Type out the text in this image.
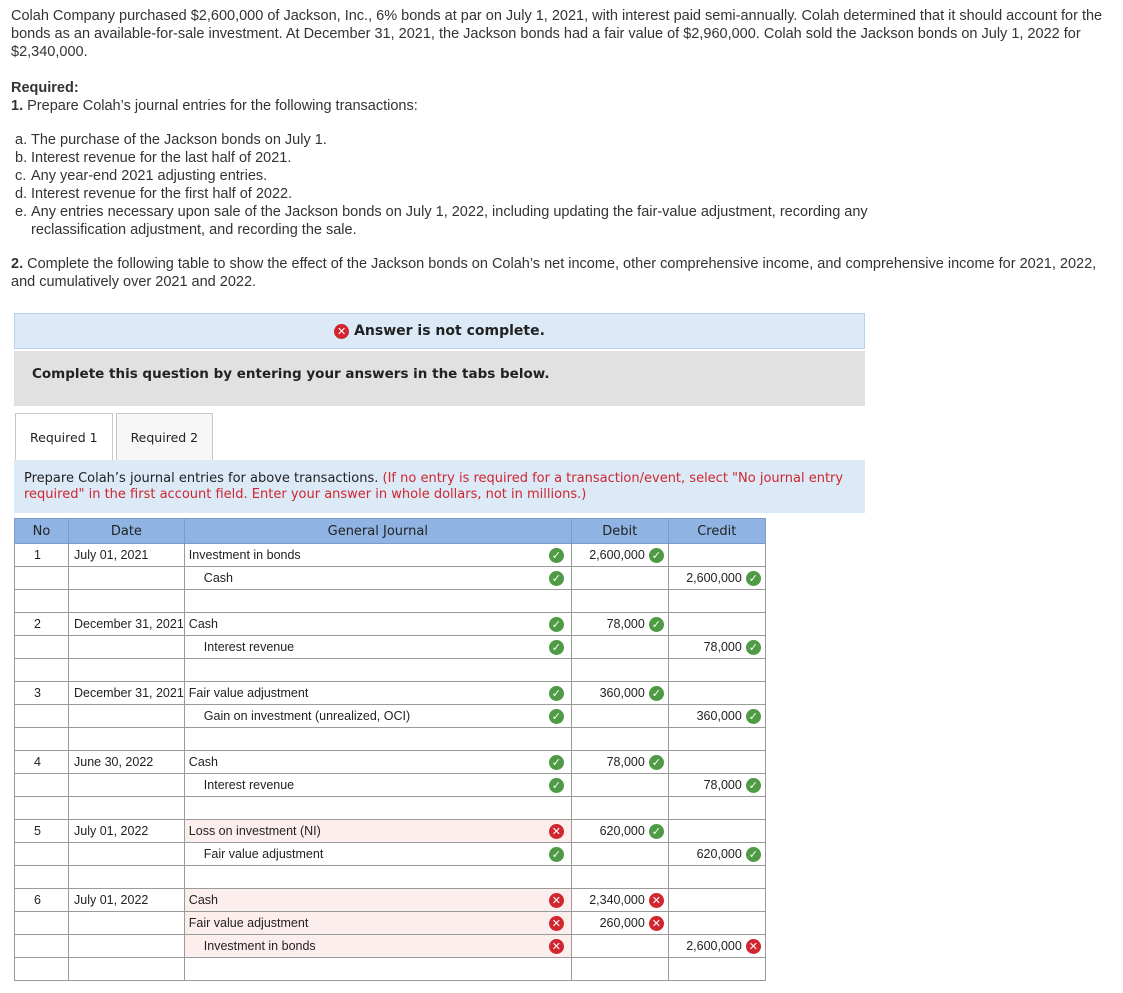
Colah Company purchased $2,600,000 of Jackson, Inc., 6% bonds at par on July 1, 2021, with interest paid semi-annually. Colah determined that it should account for the bonds as an available-for-sale investment. At December 31, 2021, the Jackson bonds had a fair value of $2,960,000. Colah sold the Jackson bonds on July 1, 2022 for $2,340,000.

Required:
1. Prepare Colah’s journal entries for the following transactions:
a. The purchase of the Jackson bonds on July 1.
b. Interest revenue for the last half of 2021.
c. Any year-end 2021 adjusting entries.
d. Interest revenue for the first half of 2022.
e. Any entries necessary upon sale of the Jackson bonds on July 1, 2022, including updating the fair-value adjustment, recording any reclassification adjustment, and recording the sale.
2. Complete the following table to show the effect of the Jackson bonds on Colah’s net income, other comprehensive income, and comprehensive income for 2021, 2022, and cumulatively over 2021 and 2022.
✕ Answer is not complete.
Complete this question by entering your answers in the tabs below.
Required 1	Required 2
Prepare Colah’s journal entries for above transactions. (If no entry is required for a transaction/event, select "No journal entry required" in the first account field. Enter your answer in whole dollars, not in millions.)
No	Date	General Journal	Debit	Credit
1	July 01, 2021	Investment in bonds ✓	2,600,000 ✓	
		Cash ✓		2,600,000 ✓

2	December 31, 2021	Cash ✓	78,000 ✓	
		Interest revenue ✓		78,000 ✓

3	December 31, 2021	Fair value adjustment ✓	360,000 ✓	
		Gain on investment (unrealized, OCI) ✓		360,000 ✓

4	June 30, 2022	Cash ✓	78,000 ✓	
		Interest revenue ✓		78,000 ✓

5	July 01, 2022	Loss on investment (NI) ✕	620,000 ✓	
		Fair value adjustment ✓		620,000 ✓

6	July 01, 2022	Cash ✕	2,340,000 ✕	
		Fair value adjustment ✕	260,000 ✕	
		Investment in bonds ✕		2,600,000 ✕
